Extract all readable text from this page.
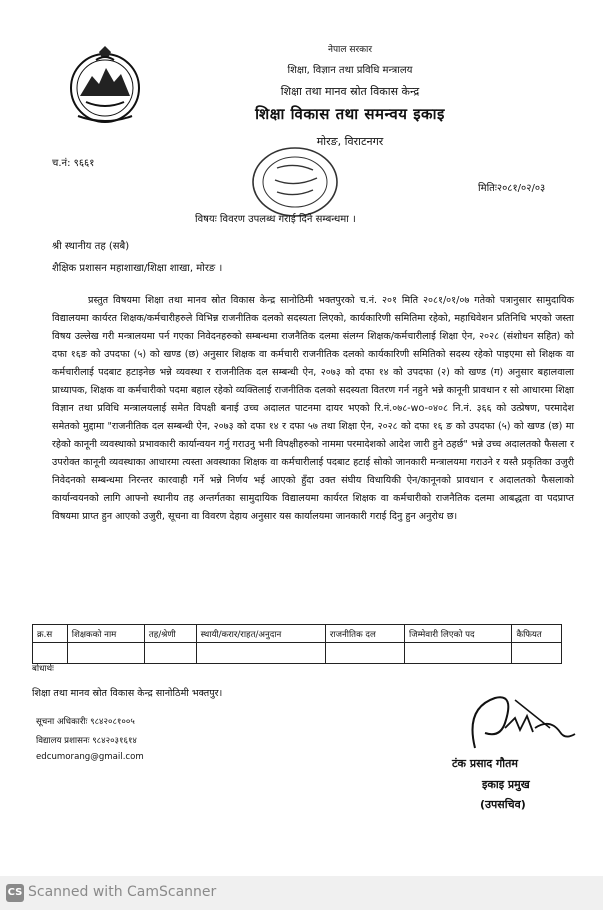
नेपाल सरकार
शिक्षा, विज्ञान तथा प्रविधि मन्त्रालय
शिक्षा तथा मानव स्रोत विकास केन्द्र
शिक्षा विकास तथा समन्वय इकाइ
मोरङ, विराटनगर
च.नं: ९६६१
मितिः२०८१/०२/०३
विषयः विवरण उपलब्ध गराई दिने सम्बन्धमा ।
श्री स्थानीय तह (सबै)
शैक्षिक प्रशासन महाशाखा/शिक्षा शाखा, मोरङ ।
प्रस्तुत विषयमा शिक्षा तथा मानव स्रोत विकास केन्द्र सानोठिमी भक्तपुरको च.नं. २०१ मिति २०८१/०१/०७ गतेको पत्रानुसार सामुदायिक विद्यालयमा कार्यरत शिक्षक/कर्मचारीहरुले विभिन्न राजनीतिक दलको सदस्यता लिएको, कार्यकारिणी समितिमा रहेको, महाधिवेशन प्रतिनिधि भएको जस्ता विषय उल्लेख गरी मन्त्रालयमा पर्न गएका निवेदनहरुको सम्बन्धमा राजनैतिक दलमा संलग्न शिक्षक/कर्मचारीलाई शिक्षा ऐन, २०२८ (संशोधन सहित) को दफा १६ङ को उपदफा (५) को खण्ड (छ) अनुसार शिक्षक वा कर्मचारी राजनीतिक दलको कार्यकारिणी समितिको सदस्य रहेको पाइएमा सो शिक्षक वा कर्मचारीलाई पदबाट हटाइनेछ भन्ने व्यवस्था र राजनीतिक दल सम्बन्धी ऐन, २०७३ को दफा १४ को उपदफा (२) को खण्ड (ग) अनुसार बहालवाला प्राध्यापक, शिक्षक वा कर्मचारीको पदमा बहाल रहेको व्यक्तिलाई राजनीतिक दलको सदस्यता वितरण गर्न नहुने भन्ने कानूनी प्रावधान र सो आधारमा शिक्षा विज्ञान तथा प्रविधि मन्त्रालयलाई समेत विपक्षी बनाई उच्च अदालत पाटनमा दायर भएको रि.नं.०७८-wo-०४०८ नि.नं. ३६६ को उत्प्रेषण, परमादेश समेतको मुद्दामा "राजनीतिक दल सम्बन्धी ऐन, २०७३ को दफा १४ र दफा ५७ तथा शिक्षा ऐन, २०२८ को दफा १६ ङ को उपदफा (५) को खण्ड (छ) मा रहेको कानूनी व्यवस्थाको प्रभावकारी कार्यान्वयन गर्नु गराउनु भनी विपक्षीहरुको नाममा परमादेशको आदेश जारी हुने ठहर्छ" भन्ने उच्च अदालतको फैसला र उपरोक्त कानूनी व्यवस्थाका आधारमा त्यस्ता अवस्थाका शिक्षक वा कर्मचारीलाई पदबाट हटाई सोको जानकारी मन्त्रालयमा गराउने र यस्तै प्रकृतिका उजुरी निवेदनको सम्बन्धमा निरन्तर कारवाही गर्ने भन्ने निर्णय भई आएको हुँदा उक्त संघीय विधायिकी ऐन/कानूनको प्रावधान र अदालतको फैसलाको कार्यान्वयनको लागि आफ्नो स्थानीय तह अन्तर्गतका सामुदायिक विद्यालयमा कार्यरत शिक्षक वा कर्मचारीको राजनैतिक दलमा आबद्धता वा पदप्राप्त विषयमा प्राप्त हुन आएको उजुरी, सूचना वा विवरण देहाय अनुसार यस कार्यालयमा जानकारी गराई दिनु हुन अनुरोध छ।
क्र.स	शिक्षकको नाम	तह/श्रेणी	स्थायी/करार/राहत/अनुदान	राजनीतिक दल	जिम्मेवारी लिएको पद	कैफियत

बोधार्थः
शिक्षा तथा मानव स्रोत विकास केन्द्र सानोठिमी भक्तपुर।
सूचना अधिकारीः ९८४२०८१००५
विद्यालय प्रशासनः ९८४२०३१६१४
edcumorang@gmail.com	टंक प्रसाद गौतम
इकाइ प्रमुख
(उपसचिव)
CS Scanned with CamScanner
